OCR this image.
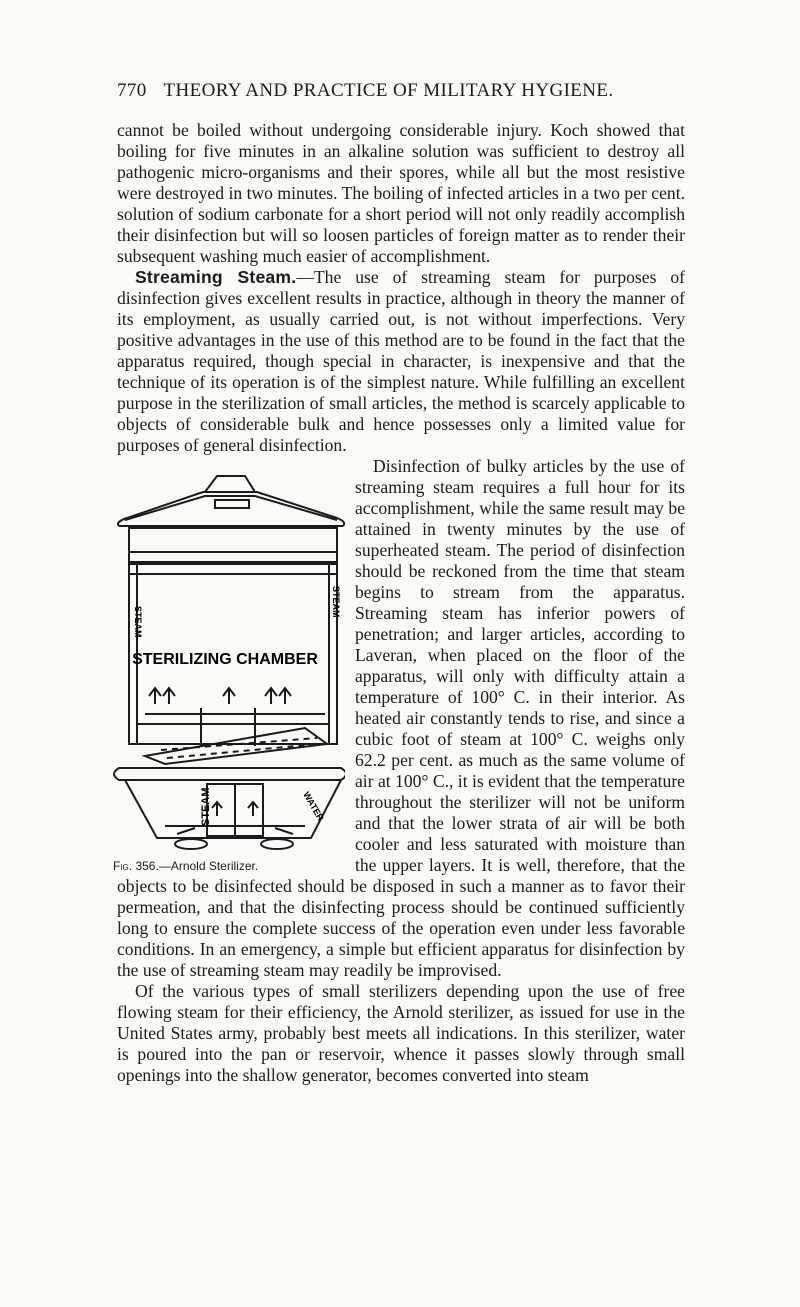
770 THEORY AND PRACTICE OF MILITARY HYGIENE.

cannot be boiled without undergoing considerable injury. Koch showed that boiling for five minutes in an alkaline solution was sufficient to destroy all pathogenic micro-organisms and their spores, while all but the most resistive were destroyed in two minutes. The boiling of infected articles in a two per cent. solution of sodium carbonate for a short period will not only readily accomplish their disinfection but will so loosen particles of foreign matter as to render their subsequent washing much easier of accomplishment.

Streaming Steam.—The use of streaming steam for purposes of disinfection gives excellent results in practice, although in theory the manner of its employment, as usually carried out, is not without imperfections. Very positive advantages in the use of this method are to be found in the fact that the apparatus required, though special in character, is inexpensive and that the technique of its operation is of the simplest nature. While fulfilling an excellent purpose in the sterilization of small articles, the method is scarcely applicable to objects of considerable bulk and hence possesses only a limited value for purposes of general disinfection.

STEAM
STEAM
STERILIZING CHAMBER
STEAM	WATER
Fig. 356.—Arnold Sterilizer.

Disinfection of bulky articles by the use of streaming steam requires a full hour for its accomplishment, while the same result may be attained in twenty minutes by the use of superheated steam. The period of disinfection should be reckoned from the time that steam begins to stream from the apparatus. Streaming steam has inferior powers of penetration; and larger articles, according to Laveran, when placed on the floor of the apparatus, will only with difficulty attain a temperature of 100° C. in their interior. As heated air constantly tends to rise, and since a cubic foot of steam at 100° C. weighs only 62.2 per cent. as much as the same volume of air at 100° C., it is evident that the temperature throughout the sterilizer will not be uniform and that the lower strata of air will be both cooler and less saturated with moisture than the upper layers. It is well, therefore, that the objects to be disinfected should be disposed in such a manner as to favor their permeation, and that the disinfecting process should be continued sufficiently long to ensure the complete success of the operation even under less favorable conditions. In an emergency, a simple but efficient apparatus for disinfection by the use of streaming steam may readily be improvised.

Of the various types of small sterilizers depending upon the use of free flowing steam for their efficiency, the Arnold sterilizer, as issued for use in the United States army, probably best meets all indications. In this sterilizer, water is poured into the pan or reservoir, whence it passes slowly through small openings into the shallow generator, becomes converted into steam
